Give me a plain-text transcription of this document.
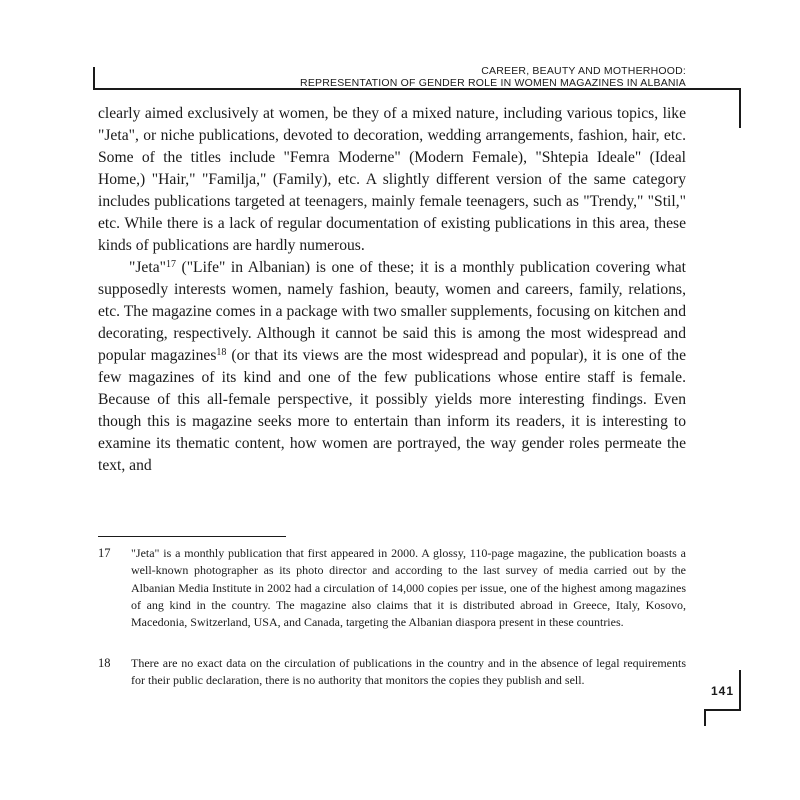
CAREER, BEAUTY AND MOTHERHOOD:
REPRESENTATION OF GENDER ROLE IN WOMEN MAGAZINES IN ALBANIA

clearly aimed exclusively at women, be they of a mixed nature, including various topics, like "Jeta", or niche publications, devoted to decoration, wedding arrangements, fashion, hair, etc. Some of the titles include "Femra Moderne" (Modern Female), "Shtepia Ideale" (Ideal Home,) "Hair," "Familja," (Family), etc. A slightly different version of the same category includes publications targeted at teenagers, mainly female teenagers, such as "Trendy," "Stil," etc. While there is a lack of regular documentation of existing publications in this area, these kinds of publications are hardly numerous.

"Jeta"$^{17}$ ("Life" in Albanian) is one of these; it is a monthly publication covering what supposedly interests women, namely fashion, beauty, women and careers, family, relations, etc. The magazine comes in a package with two smaller supplements, focusing on kitchen and decorating, respectively. Although it cannot be said this is among the most widespread and popular magazines$^{18}$ (or that its views are the most widespread and popular), it is one of the few magazines of its kind and one of the few publications whose entire staff is female. Because of this all-female perspective, it possibly yields more interesting findings. Even though this is magazine seeks more to entertain than inform its readers, it is interesting to examine its thematic content, how women are portrayed, the way gender roles permeate the text, and

17 "Jeta" is a monthly publication that first appeared in 2000. A glossy, 110-page magazine, the publication boasts a well-known photographer as its photo director and according to the last survey of media carried out by the Albanian Media Institute in 2002 had a circulation of 14,000 copies per issue, one of the highest among magazines of ang kind in the country. The magazine also claims that it is distributed abroad in Greece, Italy, Kosovo, Macedonia, Switzerland, USA, and Canada, targeting the Albanian diaspora present in these countries.
18 There are no exact data on the circulation of publications in the country and in the absence of legal requirements for their public declaration, there is no authority that monitors the copies they publish and sell.
141
